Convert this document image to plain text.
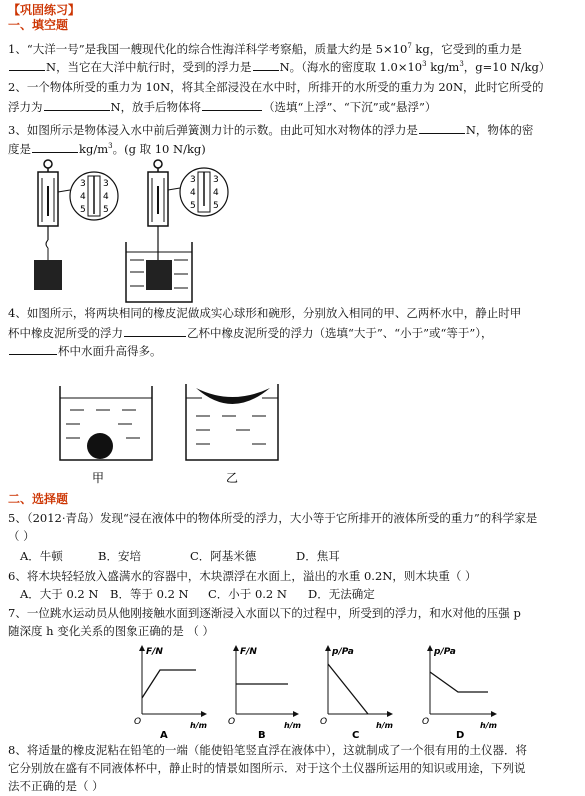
【巩固练习】
一、填空题
1、“大洋一号”是我国一艘现代化的综合性海洋科学考察船，质量大约是 $5\times 10^7$ kg，它受到的重力是
N，当它在大洋中航行时，受到的浮力是 N。（海水的密度取 $1.0\times 10^3$ $kg/m^3$，g=10 N/kg）
2、一个物体所受的重力为 10N，将其全部浸没在水中时，所排开的水所受的重力为 20N，此时它所受的
浮力为	N，放手后物体将	（选填“上浮”、“下沉”或“悬浮”）
3、如图所示是物体浸入水中前后弹簧测力计的示数。由此可知水对物体的浮力是	N，物体的密
度是	$kg/m^3$。(g 取 10 N/kg)
3
4
5
3
4
5
3
4
5
3
4
5
4、如图所示，将两块相同的橡皮泥做成实心球形和碗形，分别放入相同的甲、乙两杯水中，静止时甲
杯中橡皮泥所受的浮力	乙杯中橡皮泥所受的浮力（选填“大于”、“小于”或“等于”），
杯中水面升高得多。
甲	乙
二、选择题
5、（2012·青岛）发现“浸在液体中的物体所受的浮力，大小等于它所排开的液体所受的重力”的科学家是
（ ）
A．牛顿	B．安培	C．阿基米德	D．焦耳
6、将木块轻轻放入盛满水的容器中，木块漂浮在水面上，溢出的水重 0.2N，则木块重（ ）
A．大于 0.2 N B．等于 0.2 N C．小于 0.2 N D．无法确定
7、一位跳水运动员从他刚接触水面到逐渐浸入水面以下的过程中，所受到的浮力，和水对他的压强 p
随深度 h 变化关系的图象正确的是 （ ）
F/N
O	h/m
A
F/N
O	h/m
B
p/Pa
O	h/m
C
p/Pa
O	h/m
D
8、将适量的橡皮泥粘在铅笔的一端（能使铅笔竖直浮在液体中），这就制成了一个很有用的土仪器．将
它分别放在盛有不同液体杯中，静止时的情景如图所示．对于这个土仪器所运用的知识或用途，下列说
法不正确的是（ ）
